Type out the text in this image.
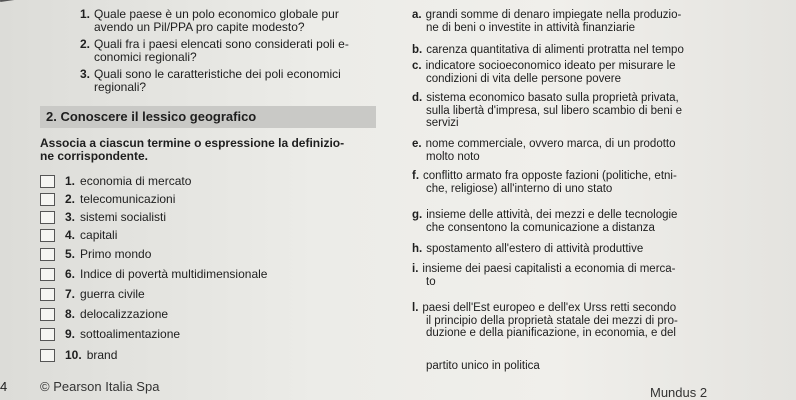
1. Quale paese è un polo economico globale pur
avendo un Pil/PPA pro capite modesto?
2. Quali fra i paesi elencati sono considerati poli e-
conomici regionali?
3. Quali sono le caratteristiche dei poli economici
regionali?
2. Conoscere il lessico geografico
Associa a ciascun termine o espressione la definizio-
ne corrispondente.
1. economia di mercato
2. telecomunicazioni
3. sistemi socialisti
4. capitali
5. Primo mondo
6. Indice di povertà multidimensionale
7. guerra civile
8. delocalizzazione
9. sottoalimentazione
10. brand
a. grandi somme di denaro impiegate nella produzio-
ne di beni o investite in attività finanziarie
b. carenza quantitativa di alimenti protratta nel tempo
c. indicatore socioeconomico ideato per misurare le
condizioni di vita delle persone povere
d. sistema economico basato sulla proprietà privata,
sulla libertà d'impresa, sul libero scambio di beni e
servizi
e. nome commerciale, ovvero marca, di un prodotto
molto noto
f. conflitto armato fra opposte fazioni (politiche, etni-
che, religiose) all'interno di uno stato
g. insieme delle attività, dei mezzi e delle tecnologie
che consentono la comunicazione a distanza
h. spostamento all'estero di attività produttive
i. insieme dei paesi capitalisti a economia di merca-
to
l. paesi dell'Est europeo e dell'ex Urss retti secondo
il principio della proprietà statale dei mezzi di pro-
duzione e della pianificazione, in economia, e del
partito unico in politica
4	© Pearson Italia Spa	Mundus 2
